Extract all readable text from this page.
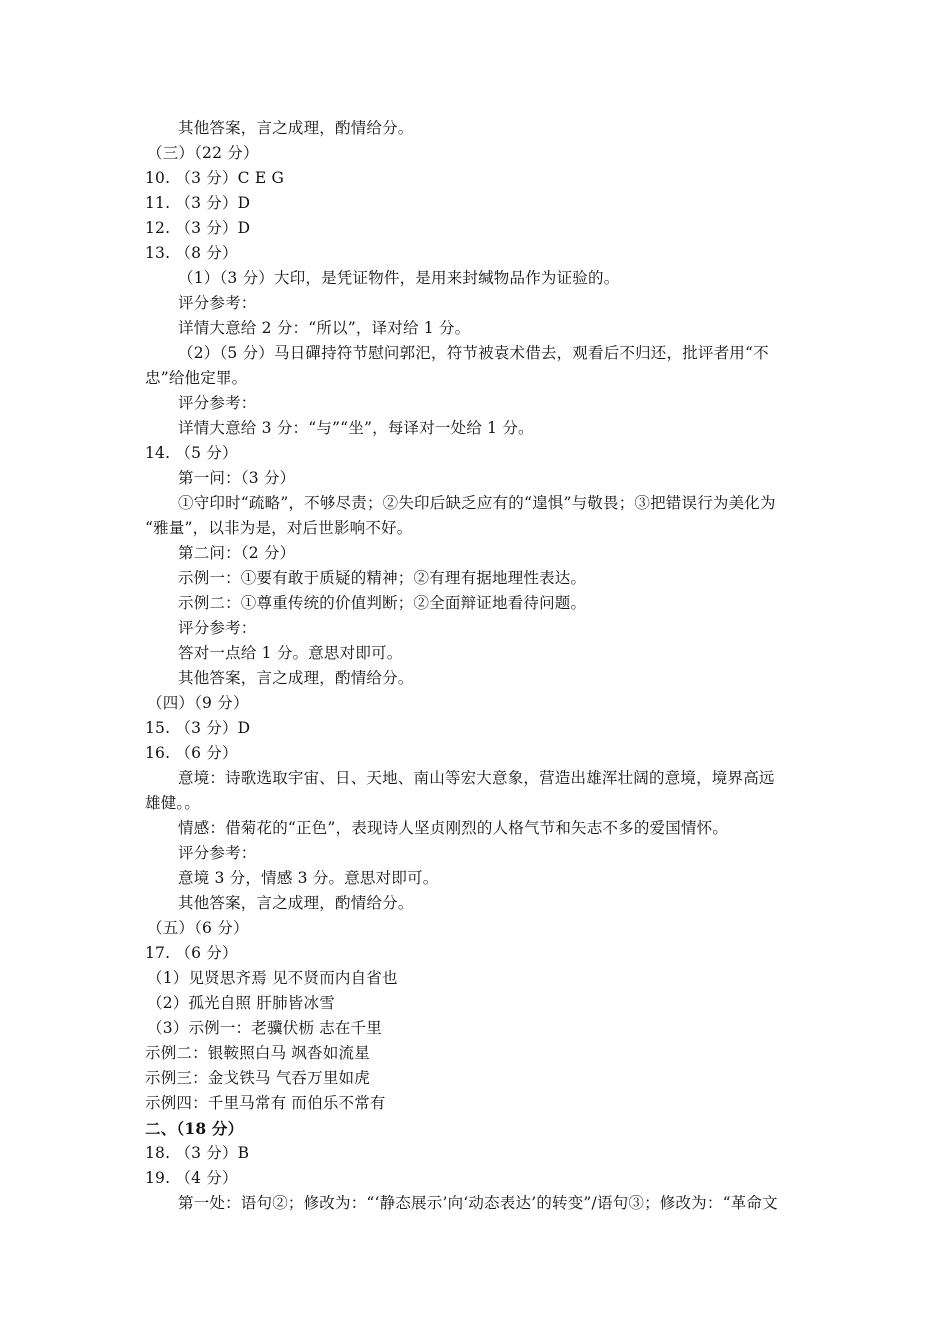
其他答案，言之成理，酌情给分。
（三）（22 分）
10. （3 分）C E G
11. （3 分）D
12. （3 分）D
13. （8 分）
（1）（3 分）大印，是凭证物件，是用来封缄物品作为证验的。
评分参考：
详情大意给 2 分：“所以”，译对给 1 分。
（2）（5 分）马日磾持符节慰问郭汜，符节被袁术借去，观看后不归还，批评者用“不
忠”给他定罪。
评分参考：
详情大意给 3 分：“与”“坐”，每译对一处给 1 分。
14. （5 分）
第一问：（3 分）
①守印时“疏略”，不够尽责；②失印后缺乏应有的“遑惧”与敬畏；③把错误行为美化为
“雅量”，以非为是，对后世影响不好。
第二问：（2 分）
示例一：①要有敢于质疑的精神；②有理有据地理性表达。
示例二：①尊重传统的价值判断；②全面辩证地看待问题。
评分参考：
答对一点给 1 分。意思对即可。
其他答案，言之成理，酌情给分。
（四）（9 分）
15. （3 分）D
16. （6 分）
意境：诗歌选取宇宙、日、天地、南山等宏大意象，营造出雄浑壮阔的意境，境界高远
雄健。。
情感：借菊花的“正色”，表现诗人坚贞刚烈的人格气节和矢志不多的爱国情怀。
评分参考：
意境 3 分，情感 3 分。意思对即可。
其他答案，言之成理，酌情给分。
（五）（6 分）
17. （6 分）
（1）见贤思齐焉 见不贤而内自省也
（2）孤光自照 肝肺皆冰雪
（3）示例一：老骥伏枥 志在千里
示例二：银鞍照白马 飒沓如流星
示例三：金戈铁马 气吞万里如虎
示例四：千里马常有 而伯乐不常有
二、（18 分）
18. （3 分）B
19. （4 分）
第一处：语句②；修改为：“‘静态展示’向‘动态表达’的转变”/语句③；修改为：“革命文
